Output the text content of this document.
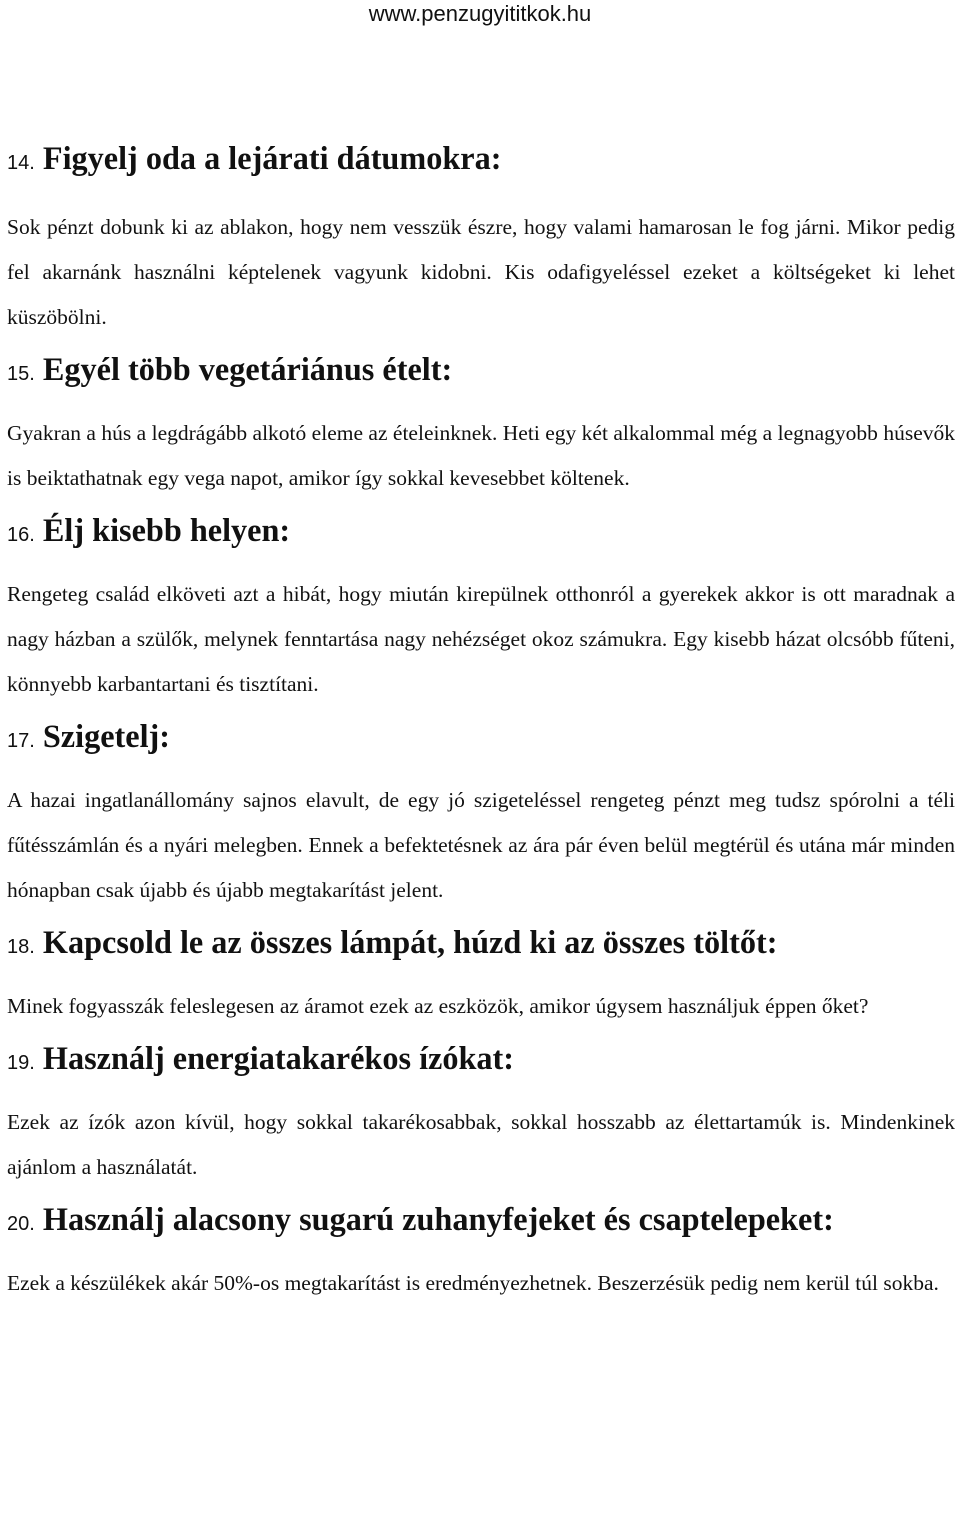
www.penzugyititkok.hu
14. Figyelj oda a lejárati dátumokra:

Sok pénzt dobunk ki az ablakon, hogy nem vesszük észre, hogy valami hamarosan le fog járni. Mikor pedig fel akarnánk használni képtelenek vagyunk kidobni. Kis odafigyeléssel ezeket a költségeket ki lehet küszöbölni.

15. Egyél több vegetáriánus ételt:

Gyakran a hús a legdrágább alkotó eleme az ételeinknek. Heti egy két alkalommal még a legnagyobb húsevők is beiktathatnak egy vega napot, amikor így sokkal kevesebbet költenek.

16. Élj kisebb helyen:

Rengeteg család elköveti azt a hibát, hogy miután kirepülnek otthonról a gyerekek akkor is ott maradnak a nagy házban a szülők, melynek fenntartása nagy nehézséget okoz számukra. Egy kisebb házat olcsóbb fűteni, könnyebb karbantartani és tisztítani.

17. Szigetelj:

A hazai ingatlanállomány sajnos elavult, de egy jó szigeteléssel rengeteg pénzt meg tudsz spórolni a téli fűtésszámlán és a nyári melegben. Ennek a befektetésnek az ára pár éven belül megtérül és utána már minden hónapban csak újabb és újabb megtakarítást jelent.

18. Kapcsold le az összes lámpát, húzd ki az összes töltőt:

Minek fogyasszák feleslegesen az áramot ezek az eszközök, amikor úgysem használjuk éppen őket?

19. Használj energiatakarékos ízókat:

Ezek az ízók azon kívül, hogy sokkal takarékosabbak, sokkal hosszabb az élettartamúk is. Mindenkinek ajánlom a használatát.

20. Használj alacsony sugarú zuhanyfejeket és csaptelepeket:

Ezek a készülékek akár 50%-os megtakarítást is eredményezhetnek. Beszerzésük pedig nem kerül túl sokba.
